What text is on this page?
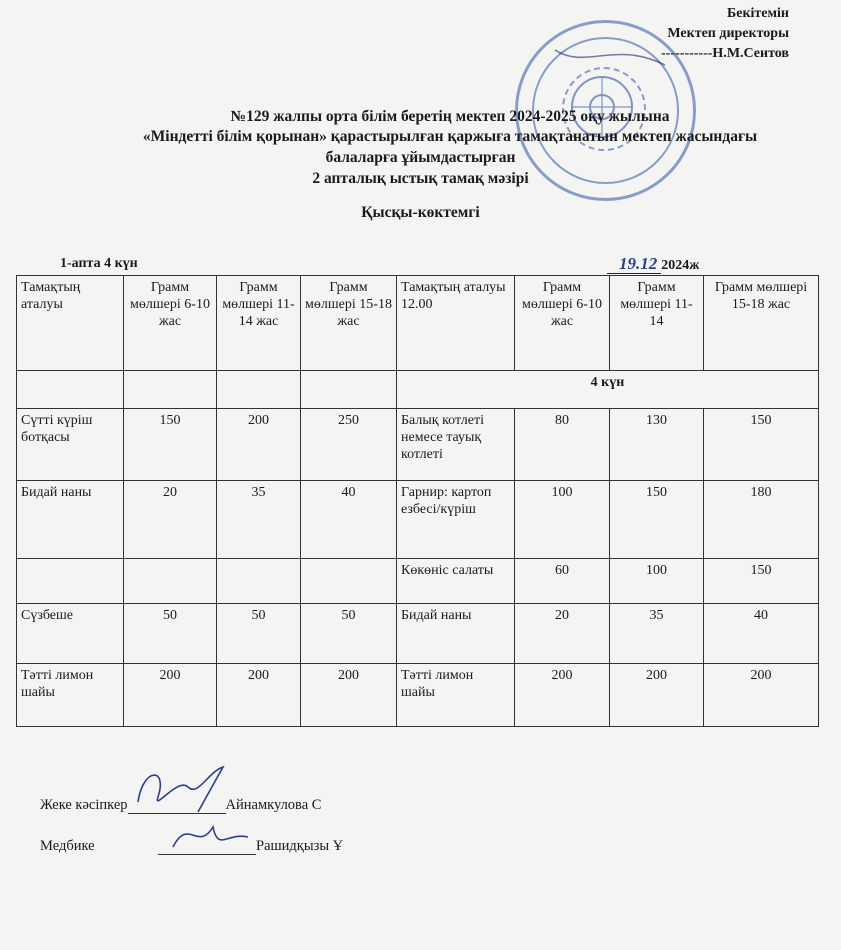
Бекітемін
Мектеп директоры
-----------Н.М.Сеитов
№129 жалпы орта білім беретің мектеп 2024-2025 оқу жылына
«Міндетті білім қорынан» қарастырылған қаржыға тамақтанатын мектеп жасындағы
балаларға ұйымдастырған
2 апталық ыстық тамақ мәзірі
Қысқы-көктемгі
1-апта 4 күн	19.12 2024ж
Тамақтың аталуы	Грамм мөлшері 6-10 жас	Грамм мөлшері 11-14 жас	Грамм мөлшері 15-18 жас	Тамақтың аталуы 12.00	Грамм мөлшері 6-10 жас	Грамм мөлшері 11-14	Грамм мөлшері 15-18 жас
				4 күн			
Сүтті күріш ботқасы	150	200	250	Балық котлеті немесе тауық котлеті	80	130	150
Бидай наны	20	35	40	Гарнир: картоп езбесі/күріш	100	150	180
				Көкөніс салаты	60	100	150
Сүзбеше	50	50	50	Бидай наны	20	35	40
Тәтті лимон шайы	200	200	200	Тәтті лимон шайы	200	200	200
Жеке кәсіпкер	Айнамкулова С
Медбике	Рашидқызы Ұ
